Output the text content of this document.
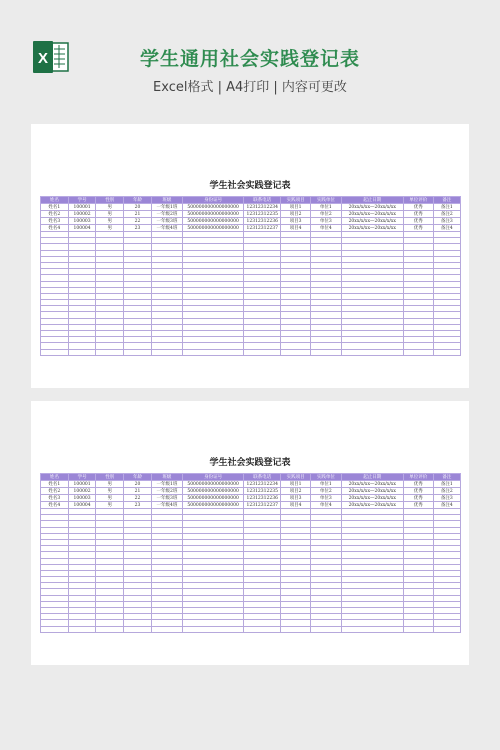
X	学生通用社会实践登记表
Excel格式 | A4打印 | 内容可更改
学生社会实践登记表
姓名	学号	性别	年龄	班级	身份证号	联系电话	实践项目	实践单位	起止日期	单位评价	备注
姓名1	100001	男	20	一年级1班	500000000000000000	12312312234	项目1	单位1	20xx/x/xx—20xx/x/xx	优秀	备注1
姓名2	100002	男	21	一年级2班	500000000000000000	12312312235	项目2	单位2	20xx/x/xx—20xx/x/xx	优秀	备注2
姓名3	100003	男	22	一年级3班	500000000000000000	12312312236	项目3	单位3	20xx/x/xx—20xx/x/xx	优秀	备注3
姓名4	100004	男	23	一年级4班	500000000000000000	12312312237	项目4	单位4	20xx/x/xx—20xx/x/xx	优秀	备注4

学生社会实践登记表
姓名	学号	性别	年龄	班级	身份证号	联系电话	实践项目	实践单位	起止日期	单位评价	备注
姓名1	100001	男	20	一年级1班	500000000000000000	12312312234	项目1	单位1	20xx/x/xx—20xx/x/xx	优秀	备注1
姓名2	100002	男	21	一年级2班	500000000000000000	12312312235	项目2	单位2	20xx/x/xx—20xx/x/xx	优秀	备注2
姓名3	100003	男	22	一年级3班	500000000000000000	12312312236	项目3	单位3	20xx/x/xx—20xx/x/xx	优秀	备注3
姓名4	100004	男	23	一年级4班	500000000000000000	12312312237	项目4	单位4	20xx/x/xx—20xx/x/xx	优秀	备注4
